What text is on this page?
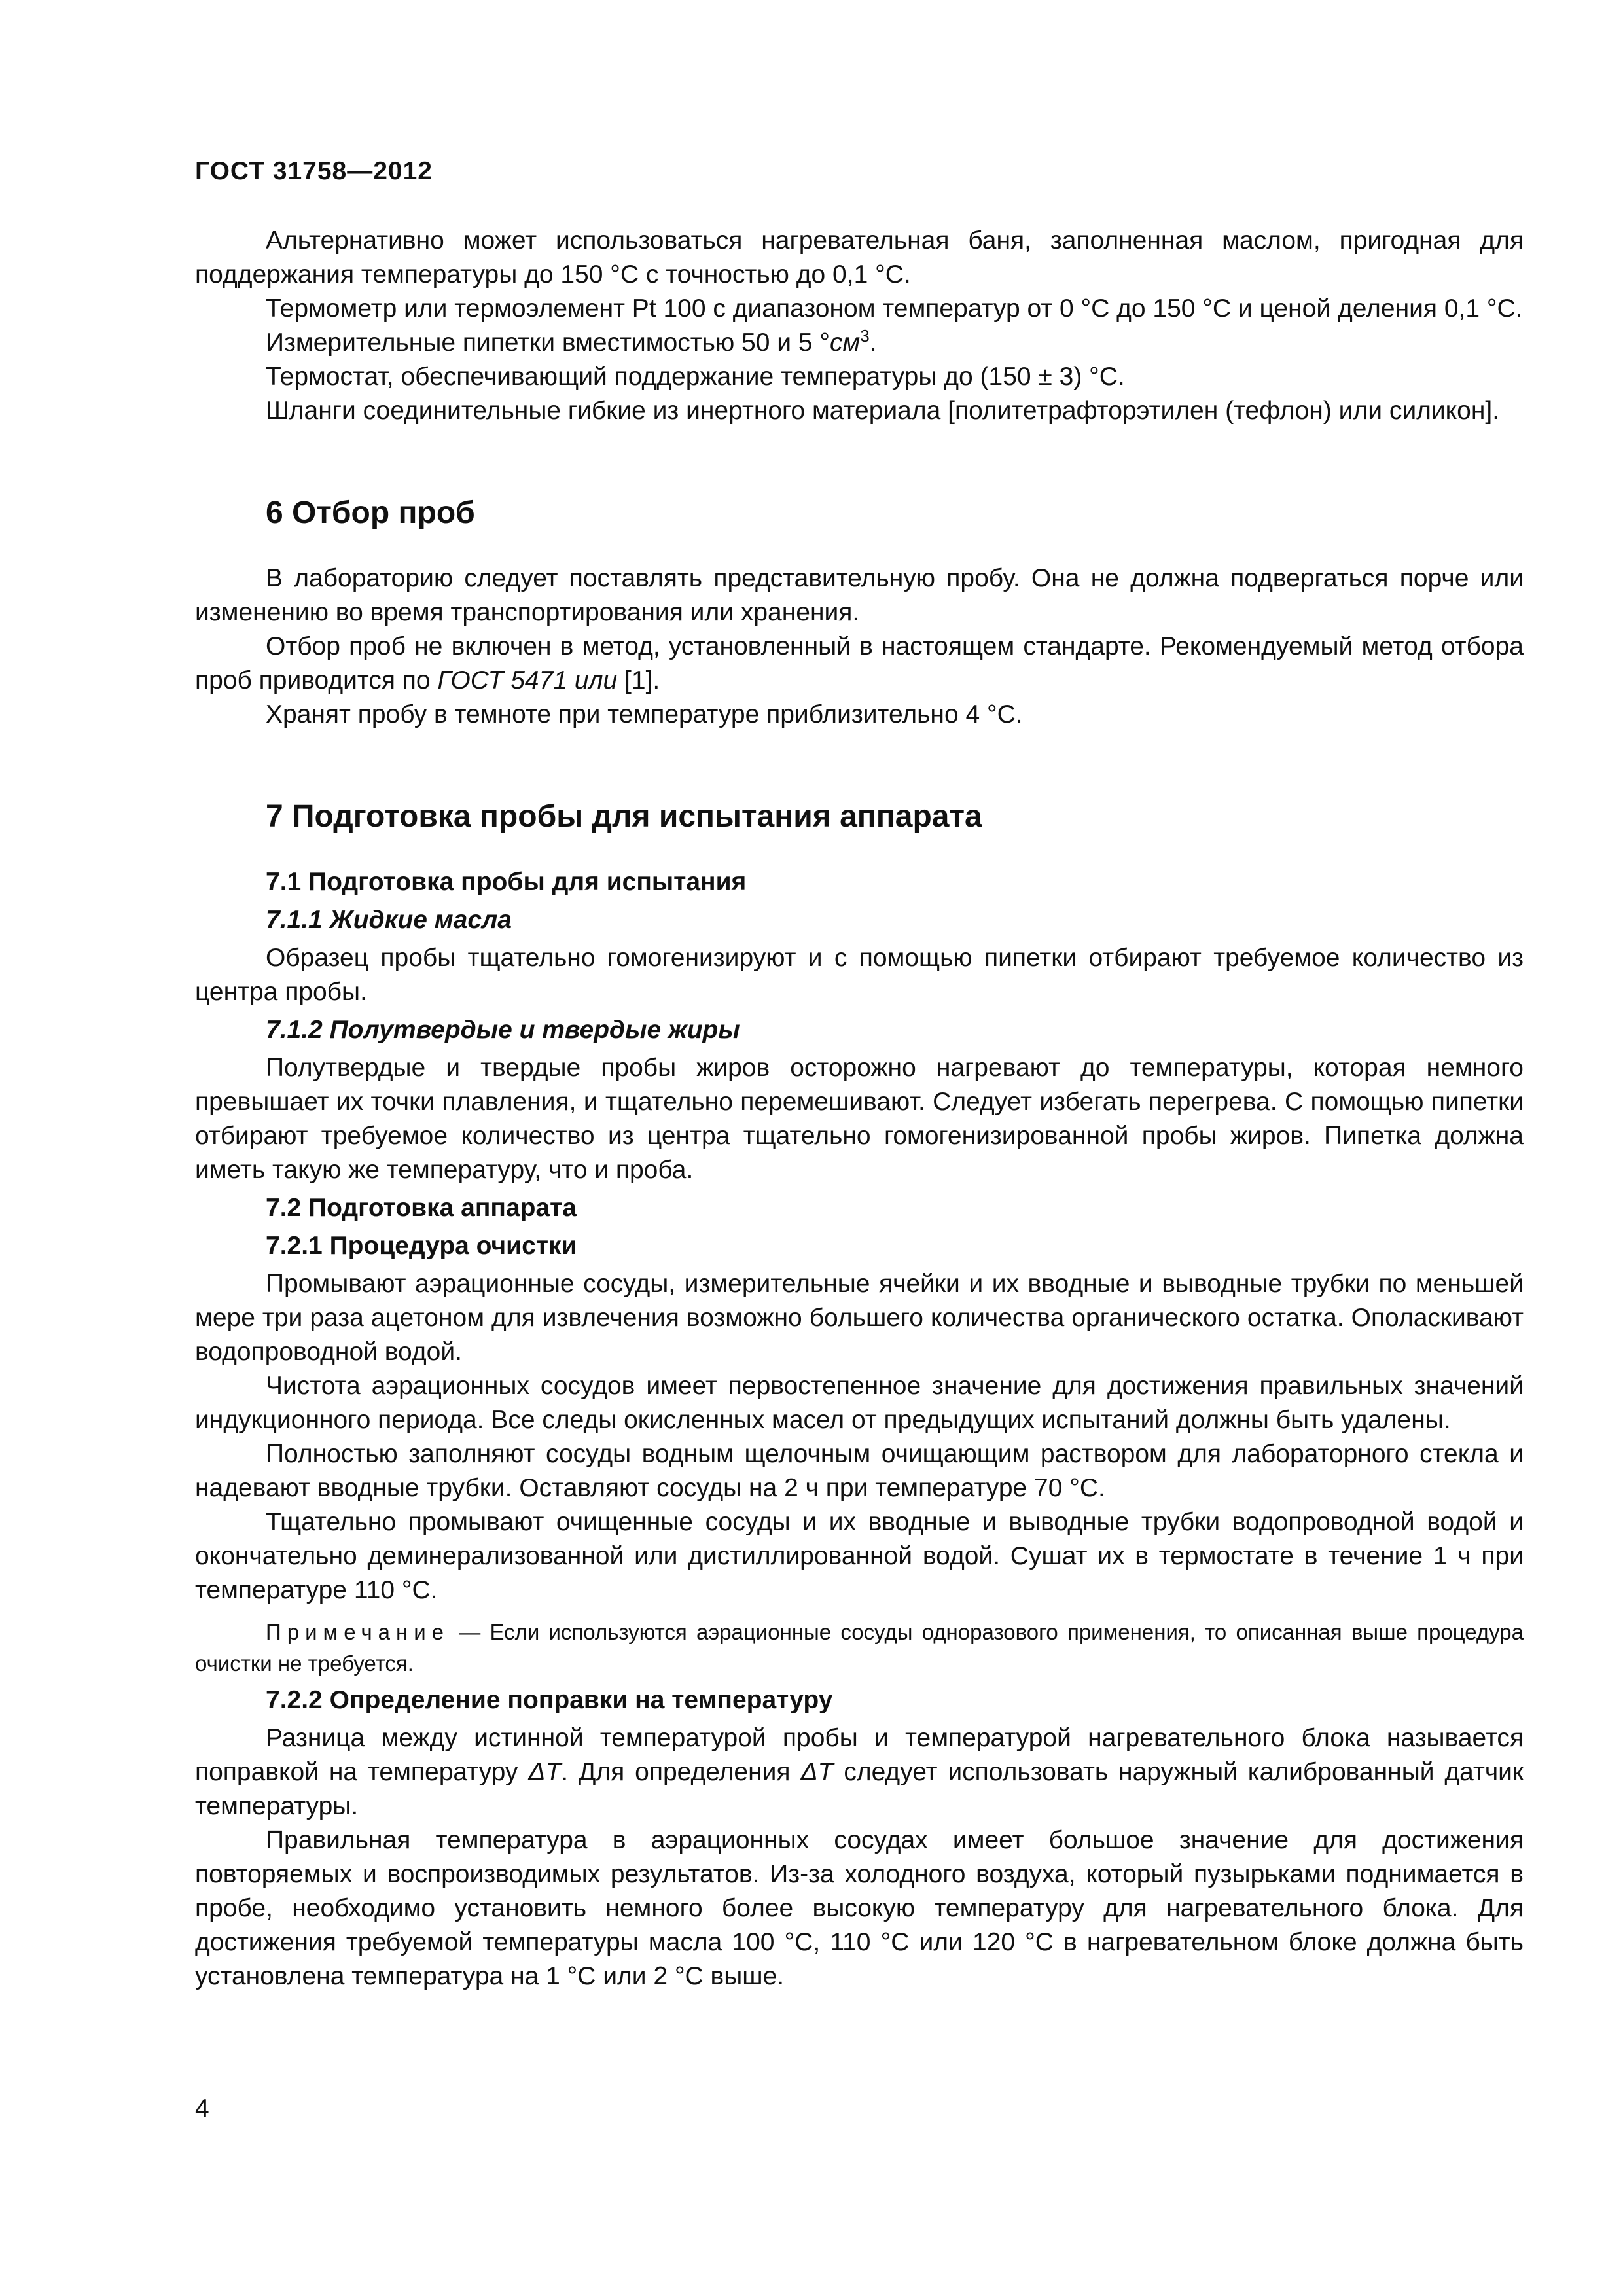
ГОСТ 31758—2012

Альтернативно может использоваться нагревательная баня, заполненная маслом, пригодная для поддержания температуры до 150 °C с точностью до 0,1 °C.

Термометр или термоэлемент Pt 100 с диапазоном температур от 0 °C до 150 °C и ценой деления 0,1 °C.

Измерительные пипетки вместимостью 50 и 5 $^\circ см^3$.

Термостат, обеспечивающий поддержание температуры до (150 ± 3) °C.

Шланги соединительные гибкие из инертного материала [политетрафторэтилен (тефлон) или силикон].

6 Отбор проб

В лабораторию следует поставлять представительную пробу. Она не должна подвергаться порче или изменению во время транспортирования или хранения.

Отбор проб не включен в метод, установленный в настоящем стандарте. Рекомендуемый метод отбора проб приводится по ГОСТ 5471 или [1].

Хранят пробу в темноте при температуре приблизительно 4 °C.

7 Подготовка пробы для испытания аппарата
7.1 Подготовка пробы для испытания
7.1.1 Жидкие масла

Образец пробы тщательно гомогенизируют и с помощью пипетки отбирают требуемое количество из центра пробы.

7.1.2 Полутвердые и твердые жиры

Полутвердые и твердые пробы жиров осторожно нагревают до температуры, которая немного превышает их точки плавления, и тщательно перемешивают. Следует избегать перегрева. С помощью пипетки отбирают требуемое количество из центра тщательно гомогенизированной пробы жиров. Пипетка должна иметь такую же температуру, что и проба.

7.2 Подготовка аппарата
7.2.1 Процедура очистки

Промывают аэрационные сосуды, измерительные ячейки и их вводные и выводные трубки по меньшей мере три раза ацетоном для извлечения возможно большего количества органического остатка. Ополаскивают водопроводной водой.

Чистота аэрационных сосудов имеет первостепенное значение для достижения правильных значений индукционного периода. Все следы окисленных масел от предыдущих испытаний должны быть удалены.

Полностью заполняют сосуды водным щелочным очищающим раствором для лабораторного стекла и надевают вводные трубки. Оставляют сосуды на 2 ч при температуре 70 °C.

Тщательно промывают очищенные сосуды и их вводные и выводные трубки водопроводной водой и окончательно деминерализованной или дистиллированной водой. Сушат их в термостате в течение 1 ч при температуре 110 °C.

Примечание — Если используются аэрационные сосуды одноразового применения, то описанная выше процедура очистки не требуется.
7.2.2 Определение поправки на температуру

Разница между истинной температурой пробы и температурой нагревательного блока называется поправкой на температуру ΔT. Для определения ΔT следует использовать наружный калиброванный датчик температуры.

Правильная температура в аэрационных сосудах имеет большое значение для достижения повторяемых и воспроизводимых результатов. Из-за холодного воздуха, который пузырьками поднимается в пробе, необходимо установить немного более высокую температуру для нагревательного блока. Для достижения требуемой температуры масла 100 °C, 110 °C или 120 °C в нагревательном блоке должна быть установлена температура на 1 °C или 2 °C выше.

4
